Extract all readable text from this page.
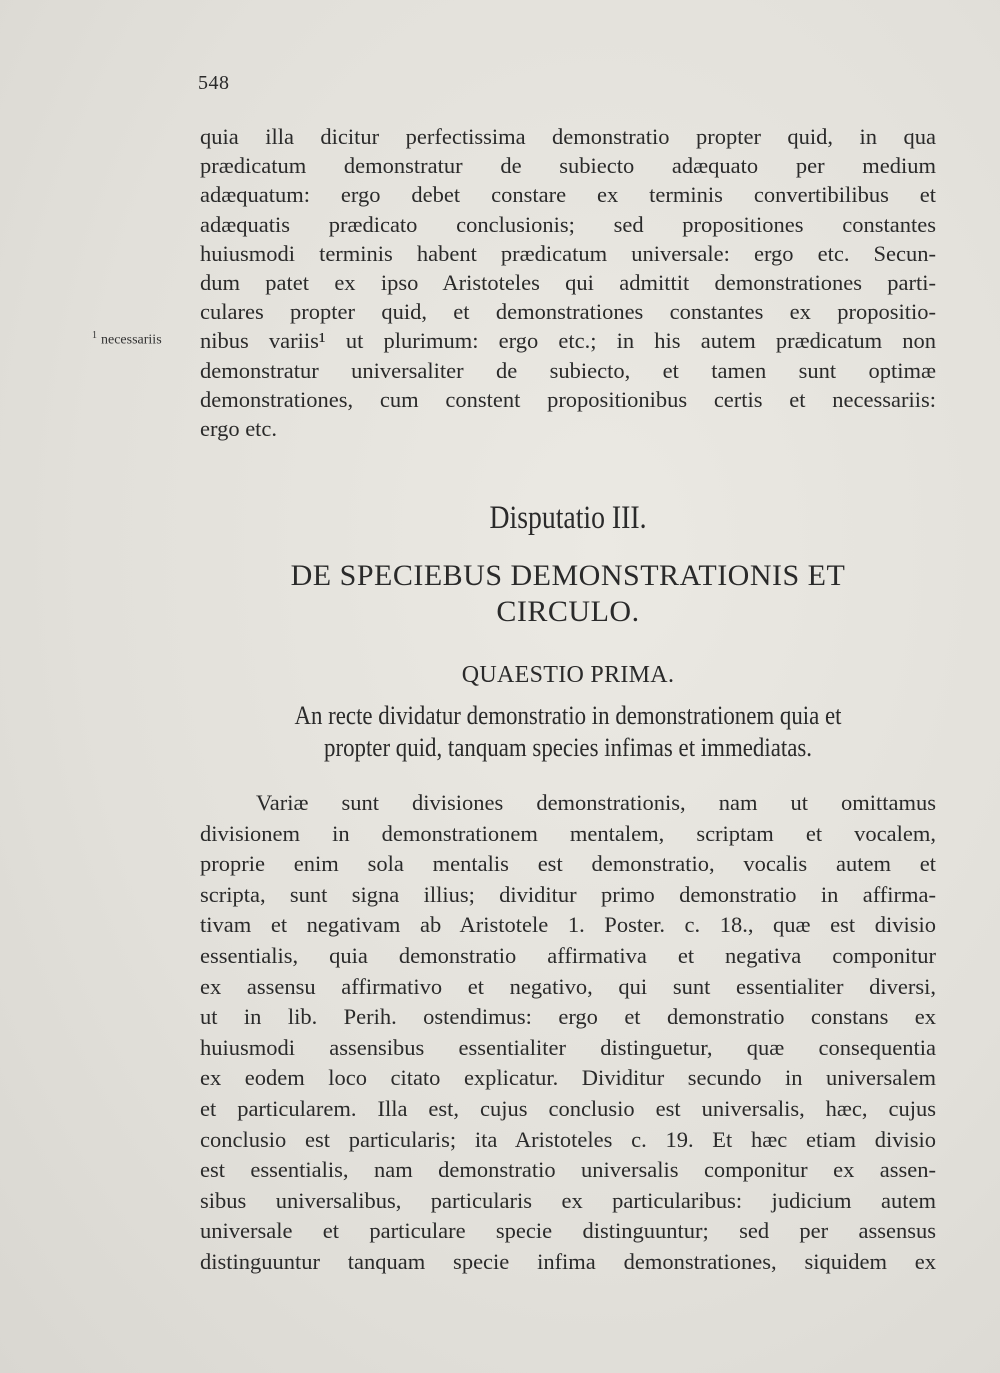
548
$^1$ necessariis
quia illa dicitur perfectissima demonstratio propter quid, in qua
prædicatum demonstratur de subiecto adæquato per medium
adæquatum: ergo debet constare ex terminis convertibilibus et
adæquatis prædicato conclusionis; sed propositiones constantes
huiusmodi terminis habent prædicatum universale: ergo etc. Secun-
dum patet ex ipso Aristoteles qui admittit demonstrationes parti-
culares propter quid, et demonstrationes constantes ex propositio-
nibus variis¹ ut plurimum: ergo etc.; in his autem prædicatum non
demonstratur universaliter de subiecto, et tamen sunt optimæ
demonstrationes, cum constent propositionibus certis et necessariis:
ergo etc.
Disputatio III.
DE SPECIEBUS DEMONSTRATIONIS ET
CIRCULO.
QUAESTIO PRIMA.
An recte dividatur demonstratio in demonstrationem quia et
propter quid, tanquam species infimas et immediatas.
Variæ sunt divisiones demonstrationis, nam ut omittamus
divisionem in demonstrationem mentalem, scriptam et vocalem,
proprie enim sola mentalis est demonstratio, vocalis autem et
scripta, sunt signa illius; dividitur primo demonstratio in affirma-
tivam et negativam ab Aristotele 1. Poster. c. 18., quæ est divisio
essentialis, quia demonstratio affirmativa et negativa componitur
ex assensu affirmativo et negativo, qui sunt essentialiter diversi,
ut in lib. Perih. ostendimus: ergo et demonstratio constans ex
huiusmodi assensibus essentialiter distinguetur, quæ consequentia
ex eodem loco citato explicatur. Dividitur secundo in universalem
et particularem. Illa est, cujus conclusio est universalis, hæc, cujus
conclusio est particularis; ita Aristoteles c. 19. Et hæc etiam divisio
est essentialis, nam demonstratio universalis componitur ex assen-
sibus universalibus, particularis ex particularibus: judicium autem
universale et particulare specie distinguuntur; sed per assensus
distinguuntur tanquam specie infima demonstrationes, siquidem ex
